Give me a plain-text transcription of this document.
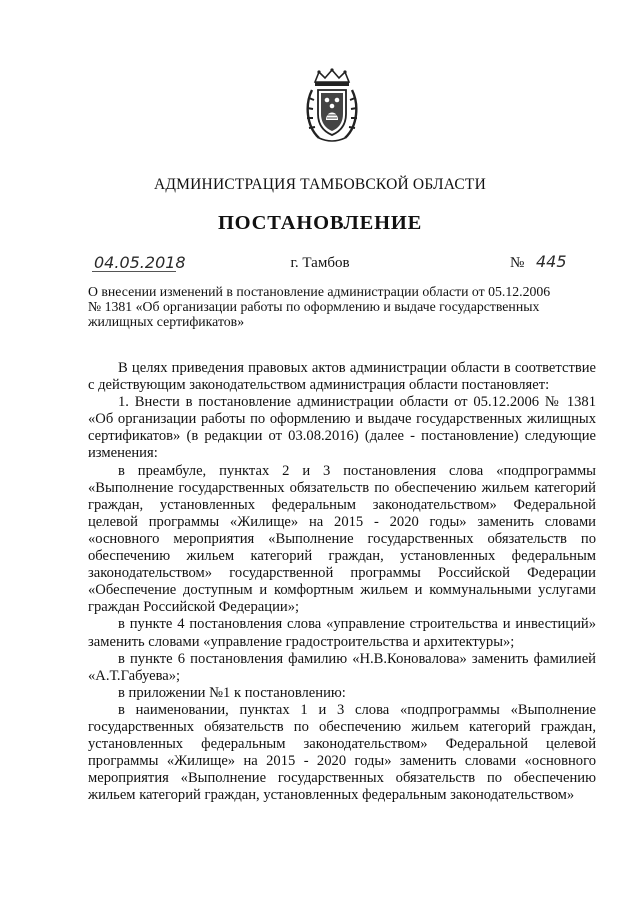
АДМИНИСТРАЦИЯ ТАМБОВСКОЙ ОБЛАСТИ
ПОСТАНОВЛЕНИЕ
04.05.2018	г. Тамбов	№ 445
О внесении изменений в постановление администрации области от 05.12.2006
№ 1381 «Об организации работы по оформлению и выдаче государственных
жилищных сертификатов»

В целях приведения правовых актов администрации области в соответствие с действующим законодательством администрация области постановляет:

1. Внести в постановление администрации области от 05.12.2006 № 1381 «Об организации работы по оформлению и выдаче государственных жилищных сертификатов» (в редакции от 03.08.2016) (далее - постановление) следующие изменения:

в преамбуле, пунктах 2 и 3 постановления слова «подпрограммы «Выполнение государственных обязательств по обеспечению жильем категорий граждан, установленных федеральным законодательством» Федеральной целевой программы «Жилище» на 2015 - 2020 годы» заменить словами «основного мероприятия «Выполнение государственных обязательств по обеспечению жильем категорий граждан, установленных федеральным законодательством» государственной программы Российской Федерации «Обеспечение доступным и комфортным жильем и коммунальными услугами граждан Российской Федерации»;

в пункте 4 постановления слова «управление строительства и инвестиций» заменить словами «управление градостроительства и архитектуры»;

в пункте 6 постановления фамилию «Н.В.Коновалова» заменить фамилией «А.Т.Габуева»;

в приложении №1 к постановлению:

в наименовании, пунктах 1 и 3 слова «подпрограммы «Выполнение государственных обязательств по обеспечению жильем категорий граждан, установленных федеральным законодательством» Федеральной целевой программы «Жилище» на 2015 - 2020 годы» заменить словами «основного мероприятия «Выполнение государственных обязательств по обеспечению жильем категорий граждан, установленных федеральным законодательством»
